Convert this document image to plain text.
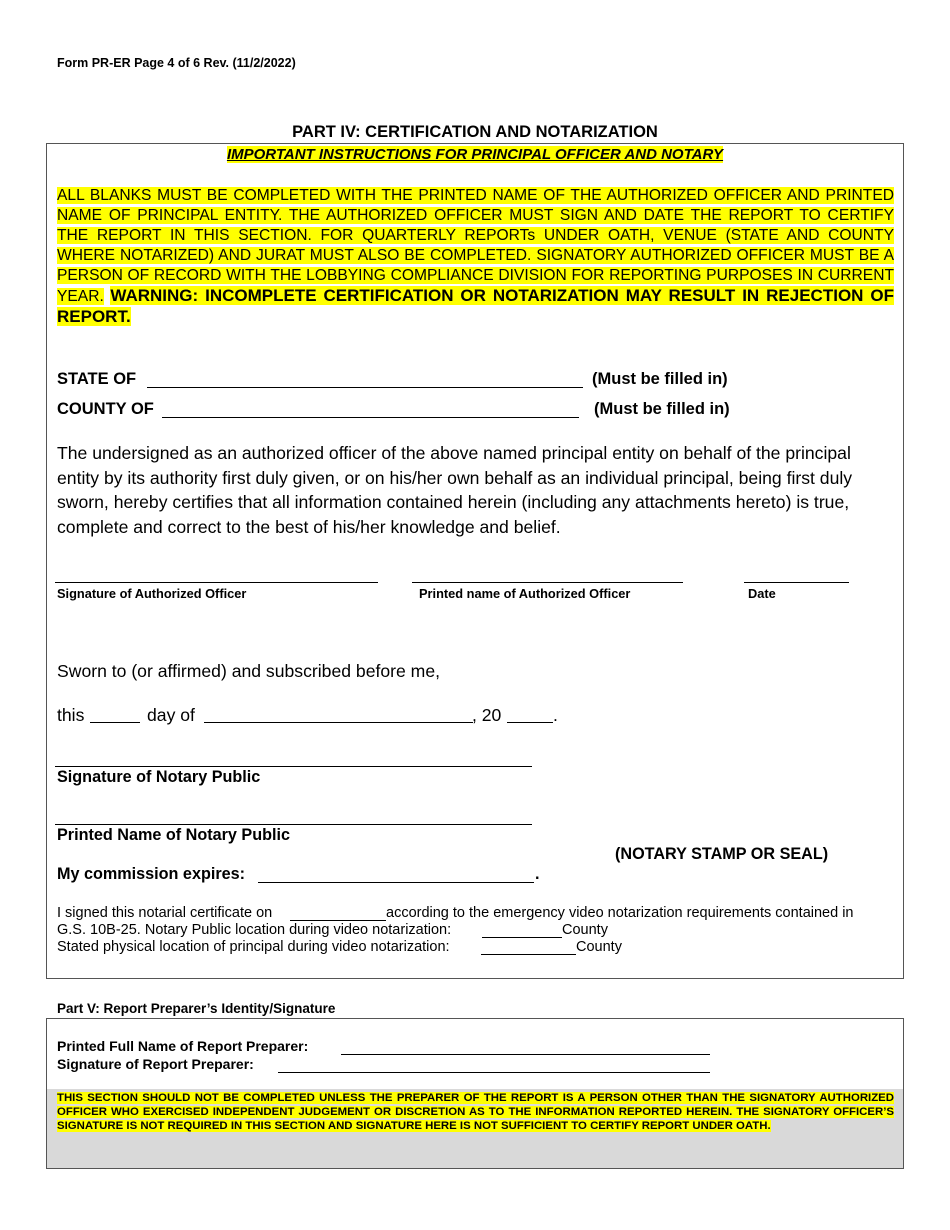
Form PR-ER Page 4 of 6 Rev. (11/2/2022)
PART IV: CERTIFICATION AND NOTARIZATION
IMPORTANT INSTRUCTIONS FOR PRINCIPAL OFFICER AND NOTARY
ALL BLANKS MUST BE COMPLETED WITH THE PRINTED NAME OF THE AUTHORIZED OFFICER AND PRINTED NAME OF PRINCIPAL ENTITY. THE AUTHORIZED OFFICER MUST SIGN AND DATE THE REPORT TO CERTIFY THE REPORT IN THIS SECTION. FOR QUARTERLY REPORTs UNDER OATH, VENUE (STATE AND COUNTY WHERE NOTARIZED) AND JURAT MUST ALSO BE COMPLETED. SIGNATORY AUTHORIZED OFFICER MUST BE A PERSON OF RECORD WITH THE LOBBYING COMPLIANCE DIVISION FOR REPORTING PURPOSES IN CURRENT YEAR. WARNING: INCOMPLETE CERTIFICATION OR NOTARIZATION MAY RESULT IN REJECTION OF REPORT.
STATE OF	(Must be filled in)
COUNTY OF	(Must be filled in)
The undersigned as an authorized officer of the above named principal entity on behalf of the principal entity by its authority first duly given, or on his/her own behalf as an individual principal, being first duly sworn, hereby certifies that all information contained herein (including any attachments hereto) is true, complete and correct to the best of his/her knowledge and belief.
Signature of Authorized Officer	Printed name of Authorized Officer	Date
Sworn to (or affirmed) and subscribed before me,
this	day of	, 20	.
Signature of Notary Public
Printed Name of Notary Public
(NOTARY STAMP OR SEAL)
My commission expires:	.
I signed this notarial certificate on	according to the emergency video notarization requirements contained in
G.S. 10B-25. Notary Public location during video notarization:	County
Stated physical location of principal during video notarization:	County
Part V: Report Preparer’s Identity/Signature
Printed Full Name of Report Preparer:
Signature of Report Preparer:
THIS SECTION SHOULD NOT BE COMPLETED UNLESS THE PREPARER OF THE REPORT IS A PERSON OTHER THAN THE SIGNATORY AUTHORIZED OFFICER WHO EXERCISED INDEPENDENT JUDGEMENT OR DISCRETION AS TO THE INFORMATION REPORTED HEREIN. THE SIGNATORY OFFICER’S SIGNATURE IS NOT REQUIRED IN THIS SECTION AND SIGNATURE HERE IS NOT SUFFICIENT TO CERTIFY REPORT UNDER OATH.
